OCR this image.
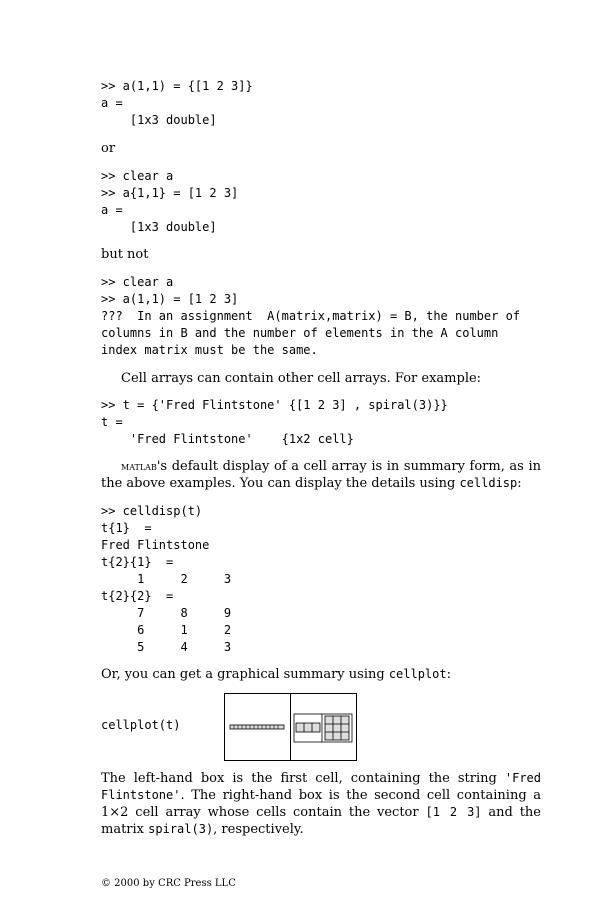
>> a(1,1) = {[1 2 3]}
a =
[1x3 double]

or

>> clear a
>> a{1,1} = [1 2 3]
a =
[1x3 double]

but not

>> clear a
>> a(1,1) = [1 2 3]
???  In an assignment  A(matrix,matrix) = B, the number of
columns in B and the number of elements in the A column
index matrix must be the same.

Cell arrays can contain other cell arrays. For example:

>> t = {'Fred Flintstone' {[1 2 3] , spiral(3)}}
t =
'Fred Flintstone'    {1x2 cell}

matlab's default display of a cell array is in summary form, as in the above examples. You can display the details using celldisp:

>> celldisp(t)
t{1}  =
Fred Flintstone
t{2}{1}  =
1     2     3
t{2}{2}  =
7     8     9
6     1     2
5     4     3

Or, you can get a graphical summary using cellplot:

cellplot(t)

The left-hand box is the first cell, containing the string 'Fred Flintstone'. The right-hand box is the second cell containing a 1×2 cell array whose cells contain the vector [1 2 3] and the matrix spiral(3), respectively.

© 2000 by CRC Press LLC
